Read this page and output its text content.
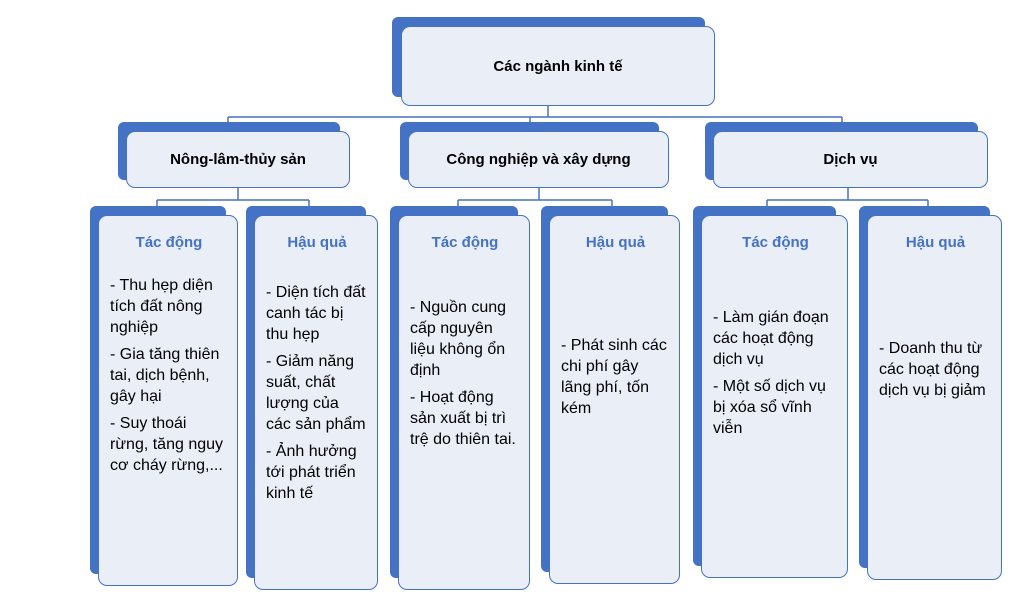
Các ngành kinh tế
Nông-lâm-thủy sản	Công nghiệp và xây dựng	Dịch vụ
Tác động

- Thu hẹp diện tích đất nông nghiệp

- Gia tăng thiên tai, dịch bệnh, gây hại

- Suy thoái rừng, tăng nguy cơ cháy rừng,...

Hậu quả

- Diện tích đất canh tác bị thu hẹp

- Giảm năng suất, chất lượng của các sản phẩm

- Ảnh hưởng tới phát triển kinh tế

Tác động

- Nguồn cung cấp nguyên liệu không ổn định

- Hoạt động sản xuất bị trì trệ do thiên tai.

Hậu quả

- Phát sinh các chi phí gây lãng phí, tốn kém

Tác động

- Làm gián đoạn các hoạt động dịch vụ

- Một số dịch vụ bị xóa sổ vĩnh viễn

Hậu quả

- Doanh thu từ các hoạt động dịch vụ bị giảm
